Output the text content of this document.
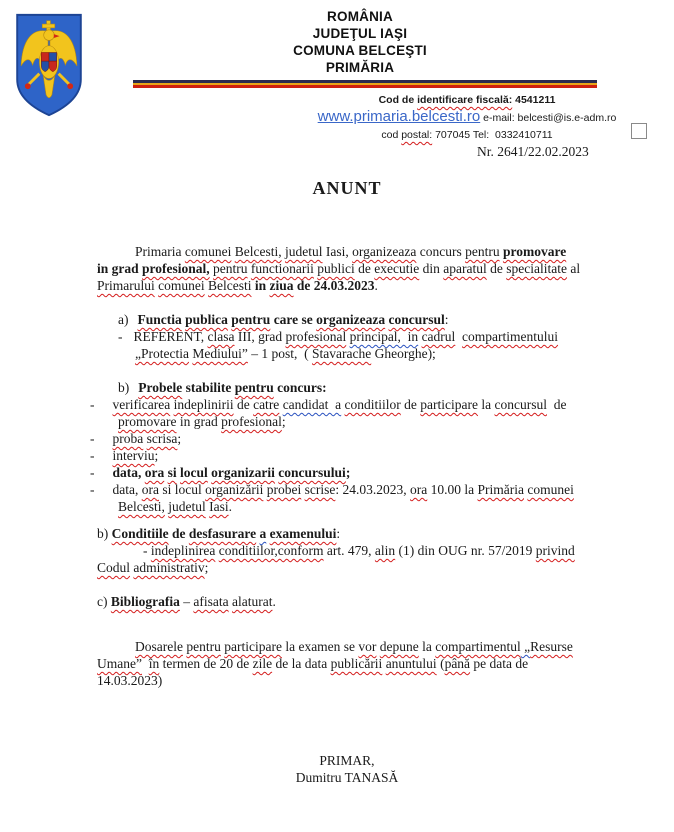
ROMÂNIA
JUDEŢUL IAŞI
COMUNA BELCEŞTI
PRIMĂRIA
Cod de identificare fiscală: 4541211
www.primaria.belcesti.ro e-mail: belcesti@is.e-adm.ro
cod postal: 707045 Tel:  0332410711
Nr. 2641/22.02.2023
ANUNT
Primaria comunei Belcesti, judetul Iasi, organizeaza concurs pentru promovare
in grad profesional, pentru functionarii publici de executie din aparatul de specialitate al
Primarului comunei Belcesti in ziua de 24.03.2023.
a) Functia publica pentru care se organizeaza concursul:
- REFERENT, clasa III, grad profesional principal,  in cadrul compartimentului
„Protectia Mediului” – 1 post,  ( Stavarache Gheorghe);
b) Probele stabilite pentru concurs:
- verificarea indeplinirii de catre candidat  a conditiilor de participare la concursul  de
promovare in grad profesional;
- proba scrisa;
- interviu;
- data, ora si locul organizarii concursului;
- data, ora si locul organizării probei scrise: 24.03.2023, ora 10.00 la Primăria comunei
Belcesti, judetul Iasi.
b) Conditiile de desfasurare a examenului:
- indeplinirea conditiilor,conform art. 479, alin (1) din OUG nr. 57/2019 privind
Codul administrativ;
c) Bibliografia – afisata alaturat.
Dosarele pentru participare la examen se vor depune la compartimentul „Resurse
Umane” în termen de 20 de zile de la data publicării anuntului (până pe data de
14.03.2023)
PRIMAR,
Dumitru TANASĂ
